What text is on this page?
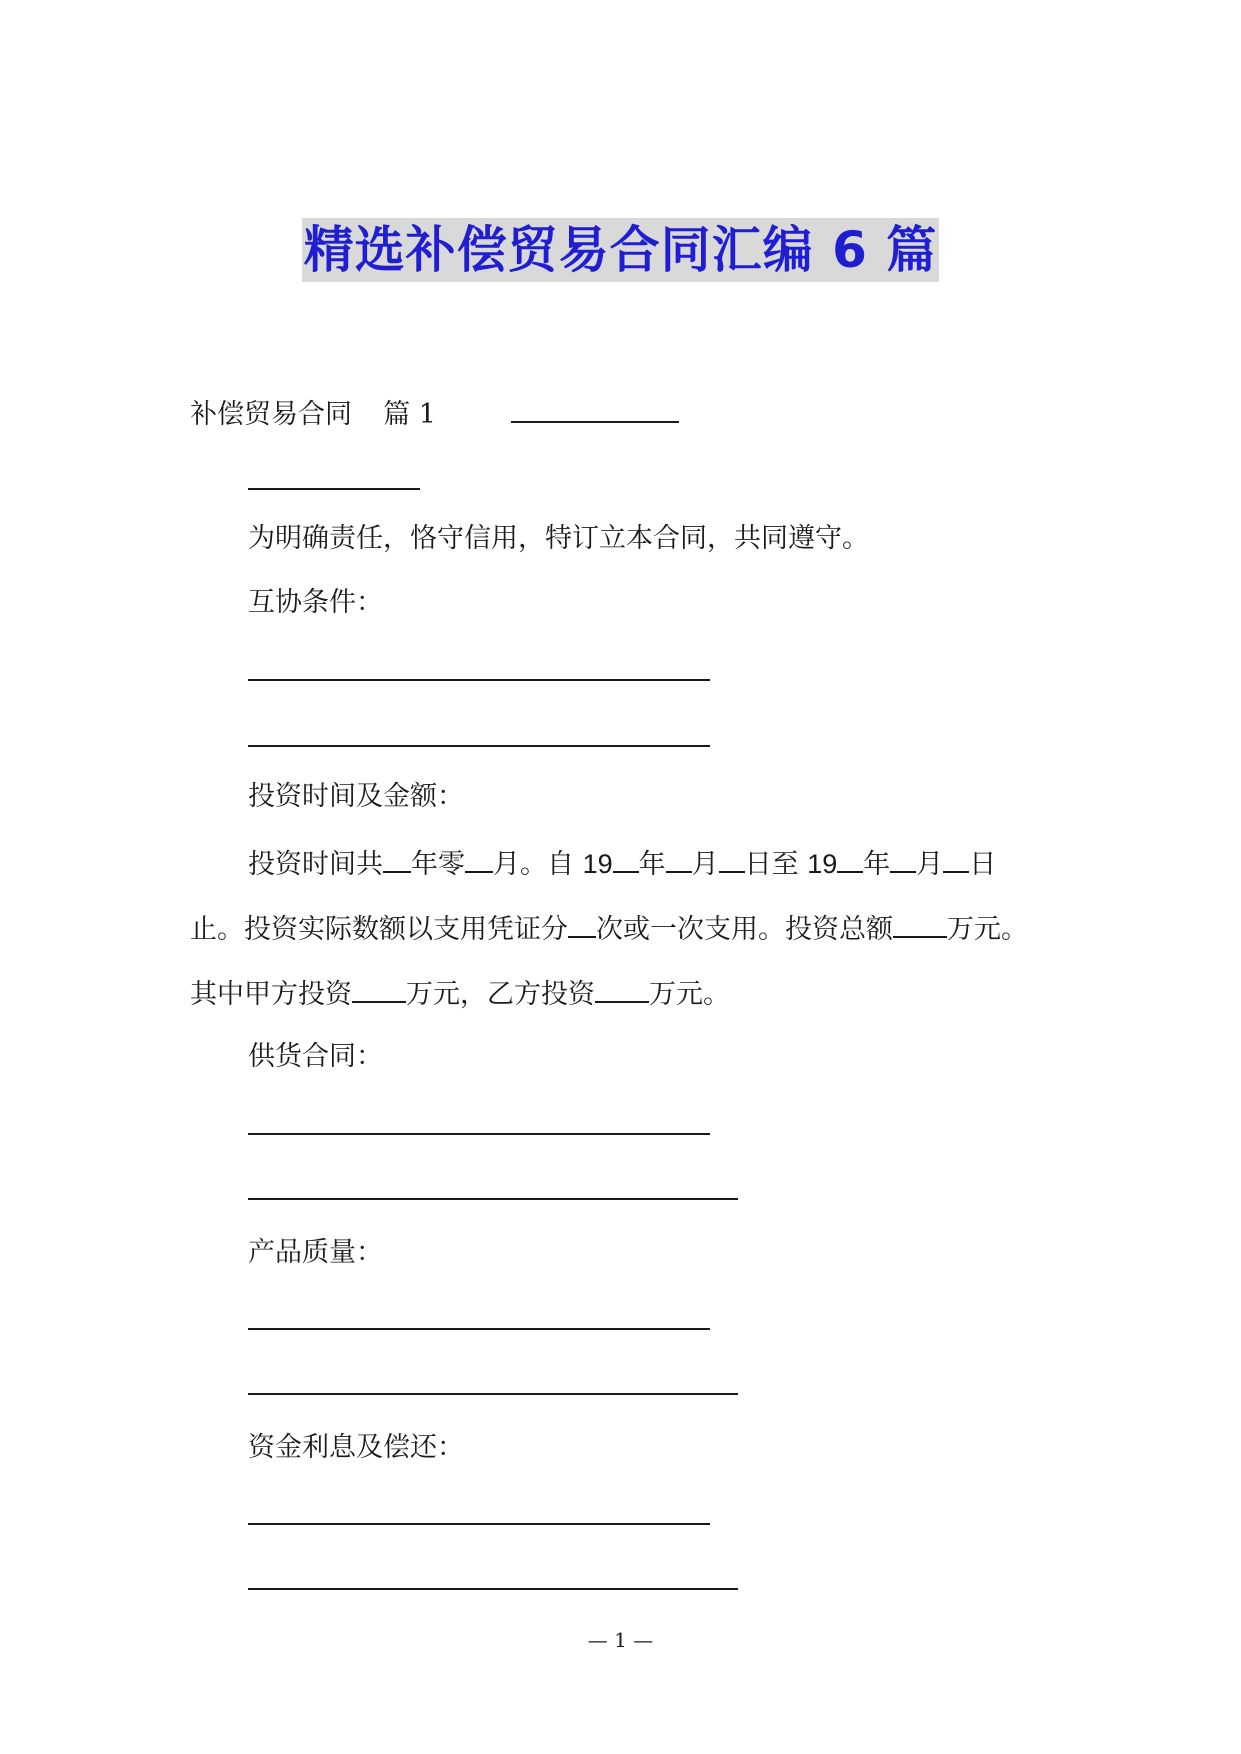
精选补偿贸易合同汇编 6 篇
补偿贸易合同 篇 1
为明确责任，恪守信用，特订立本合同，共同遵守。
互协条件：
投资时间及金额：
投资时间共 年零 月。自 19 年 月 日至 19 年 月 日
止。投资实际数额以支用凭证分 次或一次支用。投资总额 万元。
其中甲方投资 万元，乙方投资 万元。
供货合同：
产品质量：
资金利息及偿还：
— 1 —
